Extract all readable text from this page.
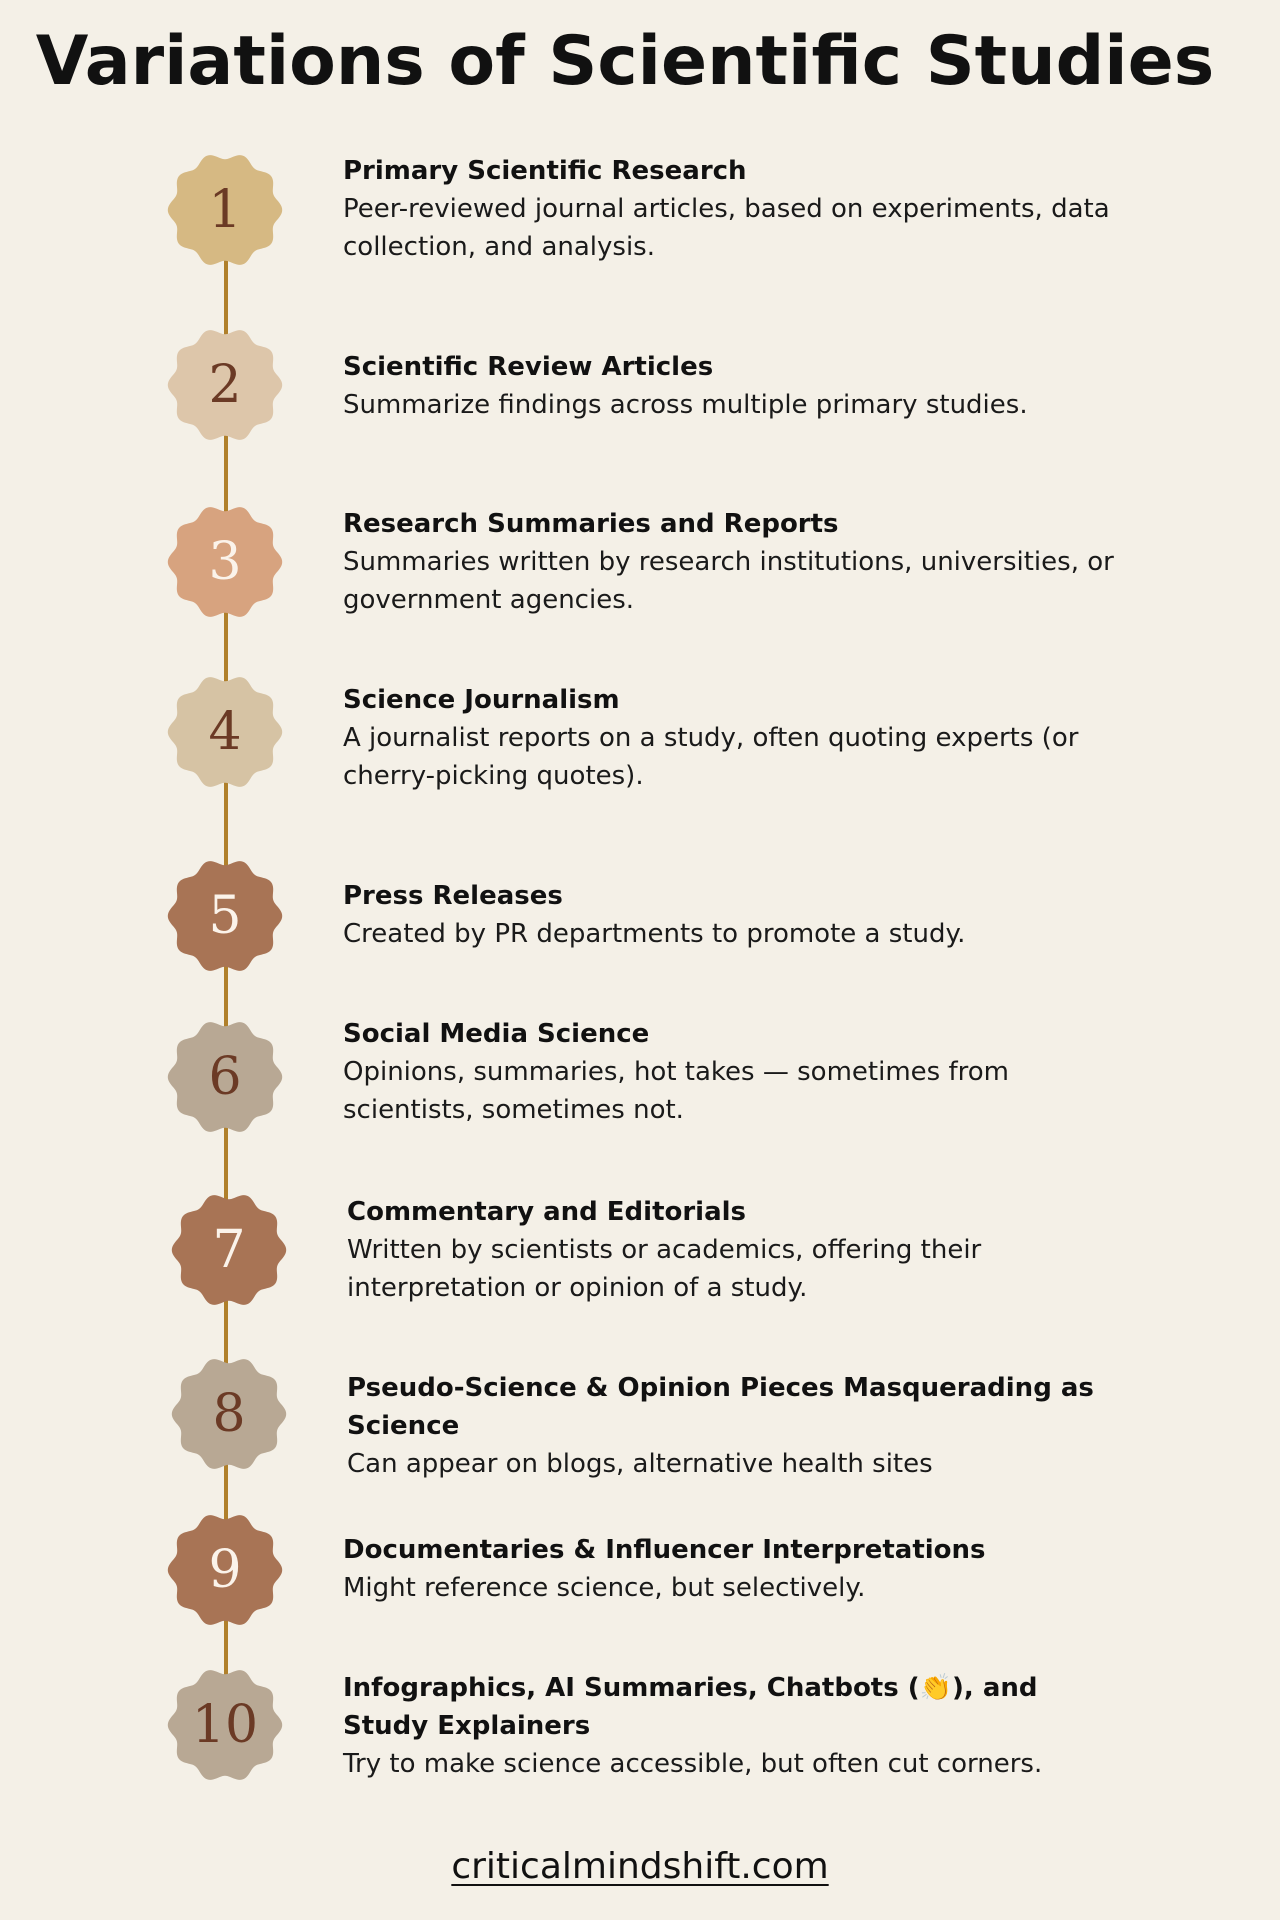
Variations of Scientific Studies
1
2
3
4
5
6
7
8
9
10
Primary Scientific Research
Peer-reviewed journal articles, based on experiments, data collection, and analysis.
Scientific Review Articles
Summarize findings across multiple primary studies.
Research Summaries and Reports
Summaries written by research institutions, universities, or government agencies.
Science Journalism
A journalist reports on a study, often quoting experts (or cherry-picking quotes).
Press Releases
Created by PR departments to promote a study.
Social Media Science
Opinions, summaries, hot takes — sometimes from scientists, sometimes not.
Commentary and Editorials
Written by scientists or academics, offering their interpretation or opinion of a study.
Pseudo-Science & Opinion Pieces Masquerading as Science
Can appear on blogs, alternative health sites
Documentaries & Influencer Interpretations
Might reference science, but selectively.
Infographics, AI Summaries, Chatbots (👏), and Study Explainers
Try to make science accessible, but often cut corners.
criticalmindshift.com
